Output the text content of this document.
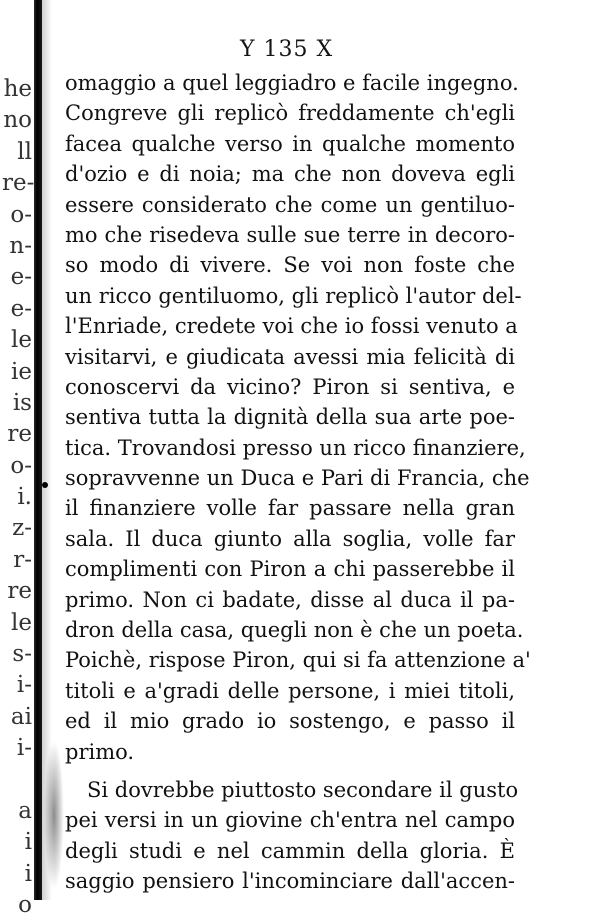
he
no
ll
re-
o-
n-
e-
e-
le
ie
is
re
o-
i.
z-
r-
re
le
s-
i-
ai
i-
a
i
i
o
Y 135 X
omaggio a quel leggiadro e facile ingegno.
Congreve gli replicò freddamente ch'egli
facea qualche verso in qualche momento
d'ozio e di noia; ma che non doveva egli
essere considerato che come un gentiluo-
mo che risedeva sulle sue terre in decoro-
so modo di vivere. Se voi non foste che
un ricco gentiluomo, gli replicò l'autor del-
l'Enriade, credete voi che io fossi venuto a
visitarvi, e giudicata avessi mia felicità di
conoscervi da vicino? Piron si sentiva, e
sentiva tutta la dignità della sua arte poe-
tica. Trovandosi presso un ricco finanziere,
sopravvenne un Duca e Pari di Francia, che
il finanziere volle far passare nella gran
sala. Il duca giunto alla soglia, volle far
complimenti con Piron a chi passerebbe il
primo. Non ci badate, disse al duca il pa-
dron della casa, quegli non è che un poeta.
Poichè, rispose Piron, qui si fa attenzione a'
titoli e a'gradi delle persone, i miei titoli,
ed il mio grado io sostengo, e passo il
primo.
Si dovrebbe piuttosto secondare il gusto
pei versi in un giovine ch'entra nel campo
degli studi e nel cammin della gloria. È
saggio pensiero l'incominciare dall'accen-
